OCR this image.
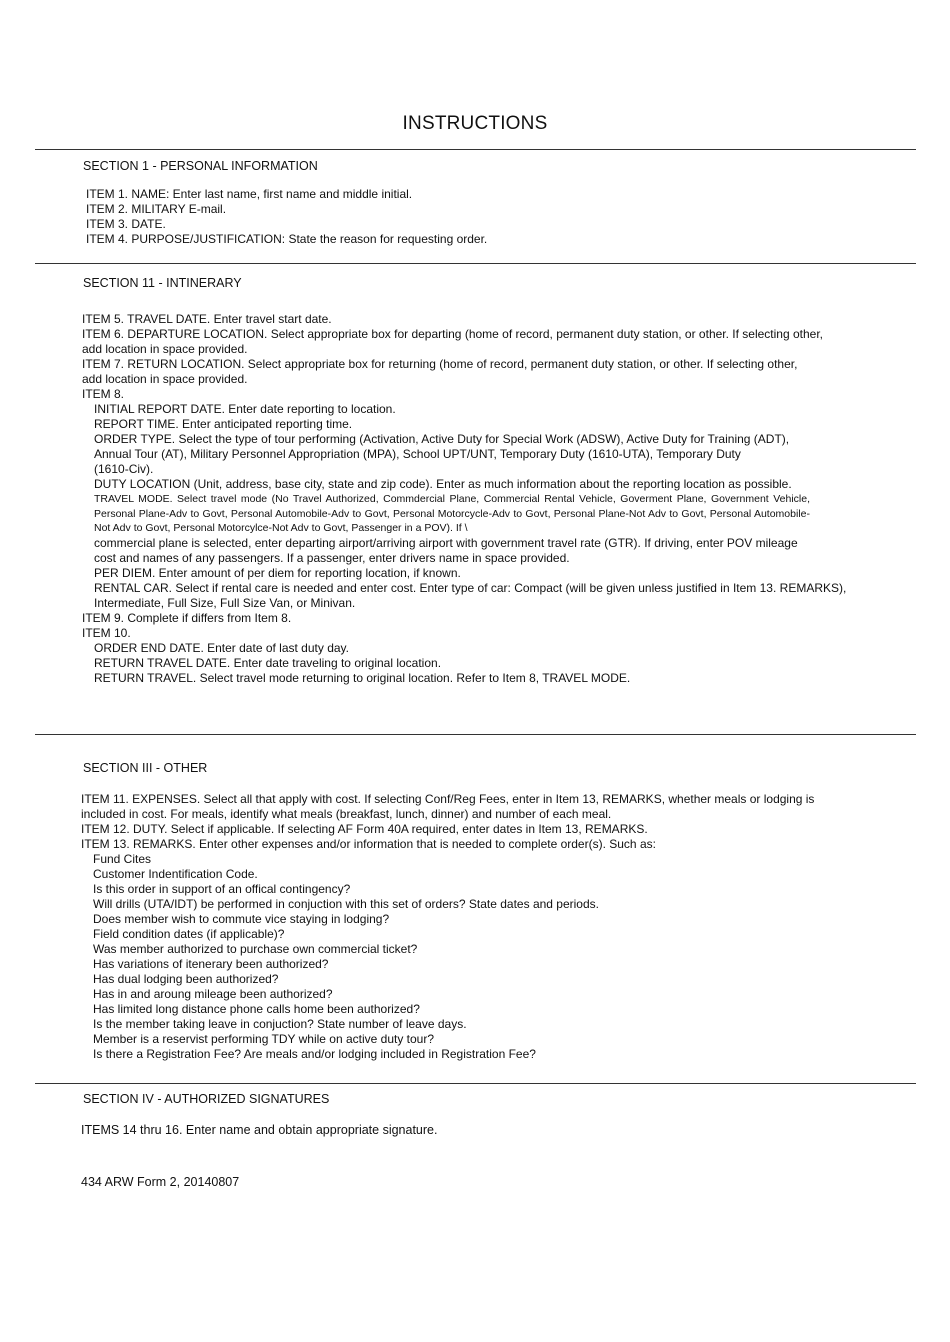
INSTRUCTIONS
SECTION 1 - PERSONAL INFORMATION
ITEM 1. NAME: Enter last name, first name and middle initial.
ITEM 2. MILITARY E-mail.
ITEM 3. DATE.
ITEM 4. PURPOSE/JUSTIFICATION: State the reason for requesting order.
SECTION 11 - INTINERARY
ITEM 5. TRAVEL DATE. Enter travel start date.
ITEM 6. DEPARTURE LOCATION. Select appropriate box for departing (home of record, permanent duty station, or other. If selecting other,
add location in space provided.
ITEM 7. RETURN LOCATION. Select appropriate box for returning (home of record, permanent duty station, or other. If selecting other,
add location in space provided.
ITEM 8.
INITIAL REPORT DATE. Enter date reporting to location.
REPORT TIME. Enter anticipated reporting time.
ORDER TYPE. Select the type of tour performing (Activation, Active Duty for Special Work (ADSW), Active Duty for Training (ADT),
Annual Tour (AT), Military Personnel Appropriation (MPA), School UPT/UNT, Temporary Duty (1610-UTA), Temporary Duty
(1610-Civ).
DUTY LOCATION (Unit, address, base city, state and zip code). Enter as much information about the reporting location as possible.
TRAVEL MODE. Select travel mode (No Travel Authorized, Commdercial Plane, Commercial Rental Vehicle, Goverment Plane, Government Vehicle, Personal Plane-Adv to Govt, Personal Automobile-Adv to Govt, Personal Motorcycle-Adv to Govt, Personal Plane-Not Adv to Govt, Personal Automobile-Not Adv to Govt, Personal Motorcylce-Not Adv to Govt, Passenger in a POV). If \
commercial plane is selected, enter departing airport/arriving airport with government travel rate (GTR). If driving, enter POV mileage
cost and names of any passengers. If a passenger, enter drivers name in space provided.
PER DIEM. Enter amount of per diem for reporting location, if known.
RENTAL CAR. Select if rental care is needed and enter cost. Enter type of car: Compact (will be given unless justified in Item 13. REMARKS),
Intermediate, Full Size, Full Size Van, or Minivan.
ITEM 9. Complete if differs from Item 8.
ITEM 10.
ORDER END DATE. Enter date of last duty day.
RETURN TRAVEL DATE. Enter date traveling to original location.
RETURN TRAVEL. Select travel mode returning to original location. Refer to Item 8, TRAVEL MODE.
SECTION III - OTHER
ITEM 11. EXPENSES. Select all that apply with cost. If selecting Conf/Reg Fees, enter in Item 13, REMARKS, whether meals or lodging is
included in cost. For meals, identify what meals (breakfast, lunch, dinner) and number of each meal.
ITEM 12. DUTY. Select if applicable. If selecting AF Form 40A required, enter dates in Item 13, REMARKS.
ITEM 13. REMARKS. Enter other expenses and/or information that is needed to complete order(s). Such as:
Fund Cites
Customer Indentification Code.
Is this order in support of an offical contingency?
Will drills (UTA/IDT) be performed in conjuction with this set of orders? State dates and periods.
Does member wish to commute vice staying in lodging?
Field condition dates (if applicable)?
Was member authorized to purchase own commercial ticket?
Has variations of itenerary been authorized?
Has dual lodging been authorized?
Has in and aroung mileage been authorized?
Has limited long distance phone calls home been authorized?
Is the member taking leave in conjuction? State number of leave days.
Member is a reservist performing TDY while on active duty tour?
Is there a Registration Fee? Are meals and/or lodging included in Registration Fee?
SECTION IV - AUTHORIZED SIGNATURES
ITEMS 14 thru 16. Enter name and obtain appropriate signature.
434 ARW Form 2, 20140807
